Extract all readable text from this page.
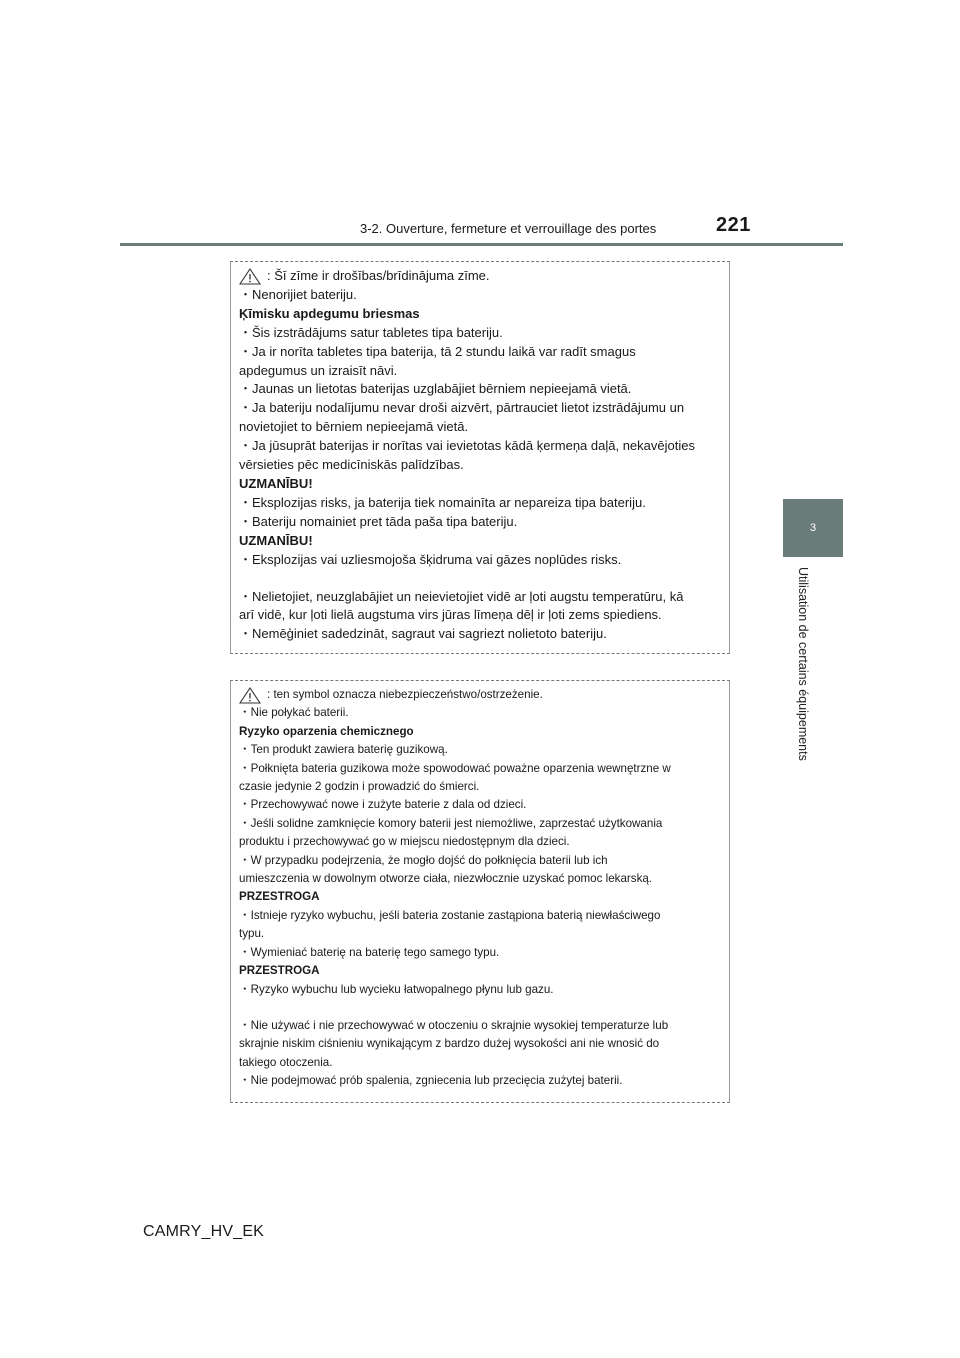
3-2. Ouverture, fermeture et verrouillage des portes	221
3
Utilisation de certains équipements
: Šī zīme ir drošības/brīdinājuma zīme.
・Nenorijiet bateriju.
Ķīmisku apdegumu briesmas
・Šis izstrādājums satur tabletes tipa bateriju.
・Ja ir norīta tabletes tipa baterija, tā 2 stundu laikā var radīt smagus
apdegumus un izraisīt nāvi.
・Jaunas un lietotas baterijas uzglabājiet bērniem nepieejamā vietā.
・Ja bateriju nodalījumu nevar droši aizvērt, pārtrauciet lietot izstrādājumu un
novietojiet to bērniem nepieejamā vietā.
・Ja jūsuprāt baterijas ir norītas vai ievietotas kādā ķermeņa daļā, nekavējoties
vērsieties pēc medicīniskās palīdzības.
UZMANĪBU!
・Eksplozijas risks, ja baterija tiek nomainīta ar nepareiza tipa bateriju.
・Bateriju nomainiet pret tāda paša tipa bateriju.
UZMANĪBU!
・Eksplozijas vai uzliesmojoša šķidruma vai gāzes noplūdes risks.
・Nelietojiet, neuzglabājiet un neievietojiet vidē ar ļoti augstu temperatūru, kā
arī vidē, kur ļoti lielā augstuma virs jūras līmeņa dēļ ir ļoti zems spiediens.
・Nemēģiniet sadedzināt, sagraut vai sagriezt nolietoto bateriju.
: ten symbol oznacza niebezpieczeństwo/ostrzeżenie.
・Nie połykać baterii.
Ryzyko oparzenia chemicznego
・Ten produkt zawiera baterię guzikową.
・Połknięta bateria guzikowa może spowodować poważne oparzenia wewnętrzne w
czasie jedynie 2 godzin i prowadzić do śmierci.
・Przechowywać nowe i zużyte baterie z dala od dzieci.
・Jeśli solidne zamknięcie komory baterii jest niemożliwe, zaprzestać użytkowania
produktu i przechowywać go w miejscu niedostępnym dla dzieci.
・W przypadku podejrzenia, że mogło dojść do połknięcia baterii lub ich
umieszczenia w dowolnym otworze ciała, niezwłocznie uzyskać pomoc lekarską.
PRZESTROGA
・Istnieje ryzyko wybuchu, jeśli bateria zostanie zastąpiona baterią niewłaściwego
typu.
・Wymieniać baterię na baterię tego samego typu.
PRZESTROGA
・Ryzyko wybuchu lub wycieku łatwopalnego płynu lub gazu.
・Nie używać i nie przechowywać w otoczeniu o skrajnie wysokiej temperaturze lub
skrajnie niskim ciśnieniu wynikającym z bardzo dużej wysokości ani nie wnosić do
takiego otoczenia.
・Nie podejmować prób spalenia, zgniecenia lub przecięcia zużytej baterii.
CAMRY_HV_EK
